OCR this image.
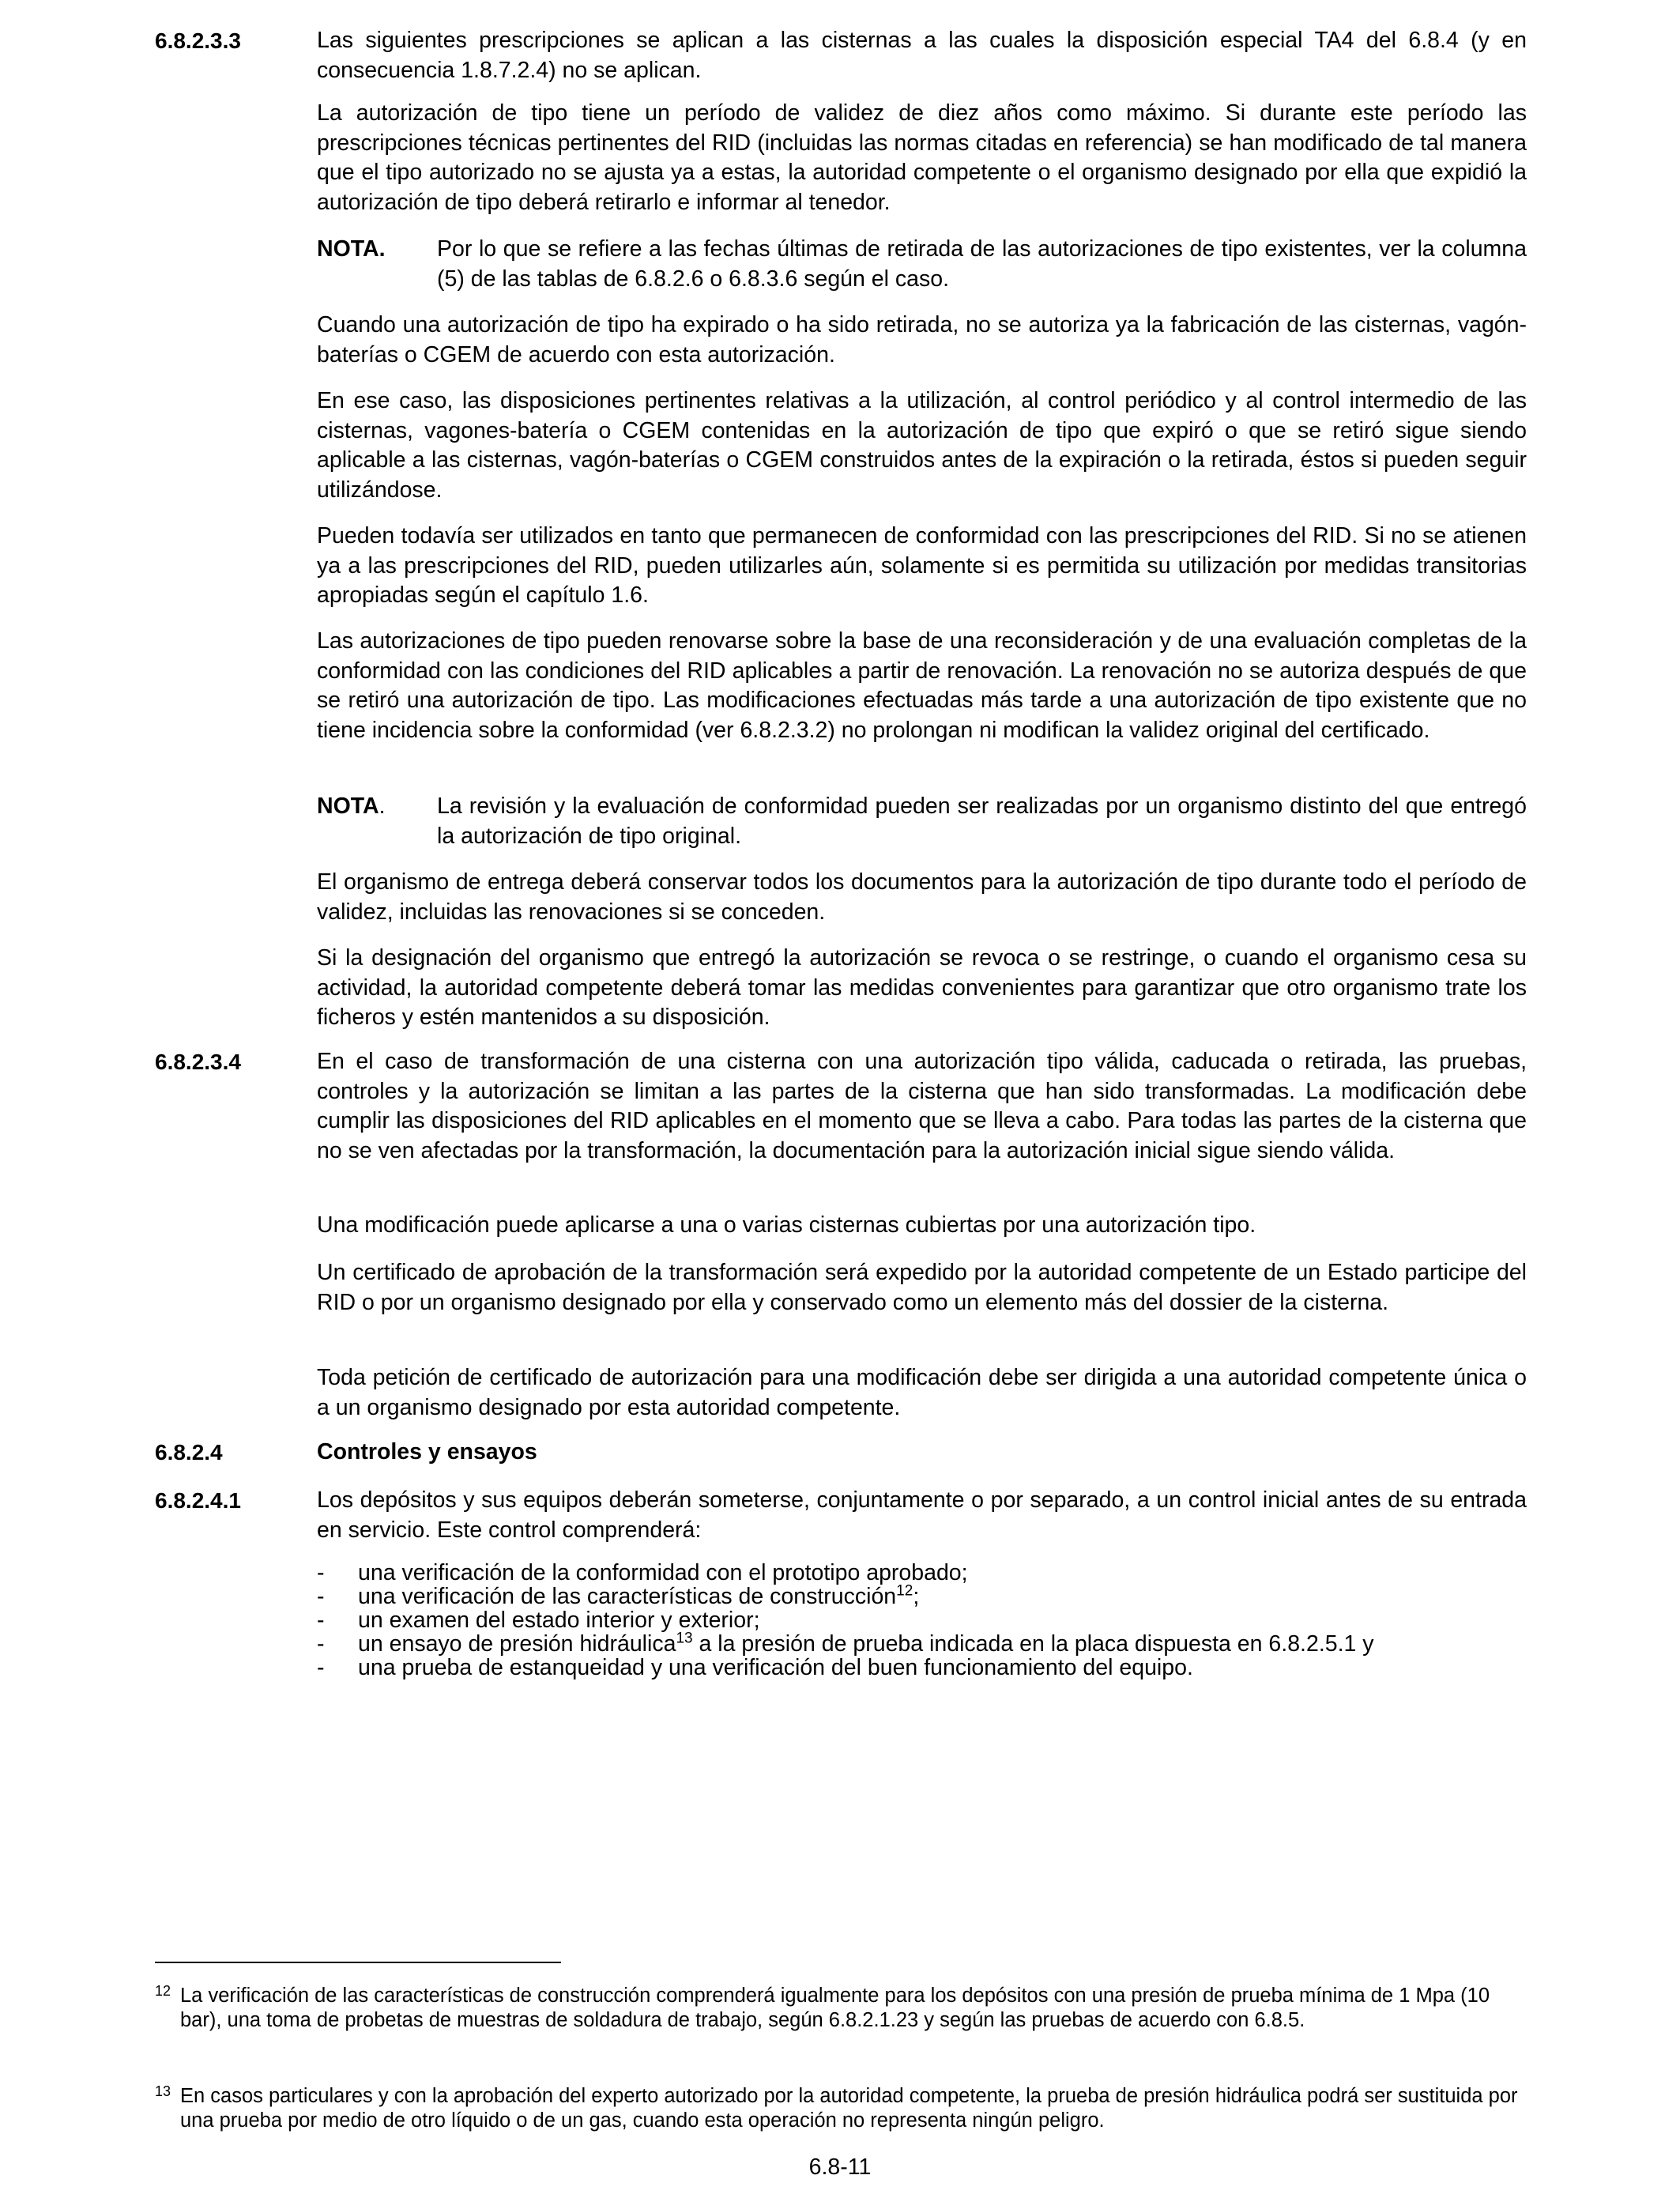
6.8.2.3.3	Las siguientes prescripciones se aplican a las cisternas a las cuales la disposición especial TA4 del 6.8.4 (y en consecuencia 1.8.7.2.4) no se aplican.

La autorización de tipo tiene un período de validez de diez años como máximo. Si durante este período las prescripciones técnicas pertinentes del RID (incluidas las normas citadas en referencia) se han modificado de tal manera que el tipo autorizado no se ajusta ya a estas, la autoridad competente o el organismo designado por ella que expidió la autorización de tipo deberá retirarlo e informar al tenedor.

NOTA. Por lo que se refiere a las fechas últimas de retirada de las autorizaciones de tipo existentes, ver la columna (5) de las tablas de 6.8.2.6 o 6.8.3.6 según el caso.

Cuando una autorización de tipo ha expirado o ha sido retirada, no se autoriza ya la fabricación de las cisternas, vagón-baterías o CGEM de acuerdo con esta autorización.

En ese caso, las disposiciones pertinentes relativas a la utilización, al control periódico y al control intermedio de las cisternas, vagones-batería o CGEM contenidas en la autorización de tipo que expiró o que se retiró sigue siendo aplicable a las cisternas, vagón-baterías o CGEM construidos antes de la expiración o la retirada, éstos si pueden seguir utilizándose.

Pueden todavía ser utilizados en tanto que permanecen de conformidad con las prescripciones del RID. Si no se atienen ya a las prescripciones del RID, pueden utilizarles aún, solamente si es permitida su utilización por medidas transitorias apropiadas según el capítulo 1.6.

Las autorizaciones de tipo pueden renovarse sobre la base de una reconsideración y de una evaluación completas de la conformidad con las condiciones del RID aplicables a partir de renovación. La renovación no se autoriza después de que se retiró una autorización de tipo. Las modificaciones efectuadas más tarde a una autorización de tipo existente que no tiene incidencia sobre la conformidad (ver 6.8.2.3.2) no prolongan ni modifican la validez original del certificado.

NOTA. La revisión y la evaluación de conformidad pueden ser realizadas por un organismo distinto del que entregó la autorización de tipo original.

El organismo de entrega deberá conservar todos los documentos para la autorización de tipo durante todo el período de validez, incluidas las renovaciones si se conceden.

Si la designación del organismo que entregó la autorización se revoca o se restringe, o cuando el organismo cesa su actividad, la autoridad competente deberá tomar las medidas convenientes para garantizar que otro organismo trate los ficheros y estén mantenidos a su disposición.

6.8.2.3.4	En el caso de transformación de una cisterna con una autorización tipo válida, caducada o retirada, las pruebas, controles y la autorización se limitan a las partes de la cisterna que han sido transformadas. La modificación debe cumplir las disposiciones del RID aplicables en el momento que se lleva a cabo. Para todas las partes de la cisterna que no se ven afectadas por la transformación, la documentación para la autorización inicial sigue siendo válida.

Una modificación puede aplicarse a una o varias cisternas cubiertas por una autorización tipo.

Un certificado de aprobación de la transformación será expedido por la autoridad competente de un Estado participe del RID o por un organismo designado por ella y conservado como un elemento más del dossier de la cisterna.

Toda petición de certificado de autorización para una modificación debe ser dirigida a una autoridad competente única o a un organismo designado por esta autoridad competente.

6.8.2.4	Controles y ensayos
6.8.2.4.1	Los depósitos y sus equipos deberán someterse, conjuntamente o por separado, a un control inicial antes de su entrada en servicio. Este control comprenderá:

- una verificación de la conformidad con el prototipo aprobado;
- una verificación de las características de construcción$^{12}$;
- un examen del estado interior y exterior;
- un ensayo de presión hidráulica$^{13}$ a la presión de prueba indicada en la placa dispuesta en 6.8.2.5.1 y
- una prueba de estanqueidad y una verificación del buen funcionamiento del equipo.
12 La verificación de las características de construcción comprenderá igualmente para los depósitos con una presión de prueba mínima de 1 Mpa (10 bar), una toma de probetas de muestras de soldadura de trabajo, según 6.8.2.1.23 y según las pruebas de acuerdo con 6.8.5.
13 En casos particulares y con la aprobación del experto autorizado por la autoridad competente, la prueba de presión hidráulica podrá ser sustituida por una prueba por medio de otro líquido o de un gas, cuando esta operación no representa ningún peligro.
6.8-11
